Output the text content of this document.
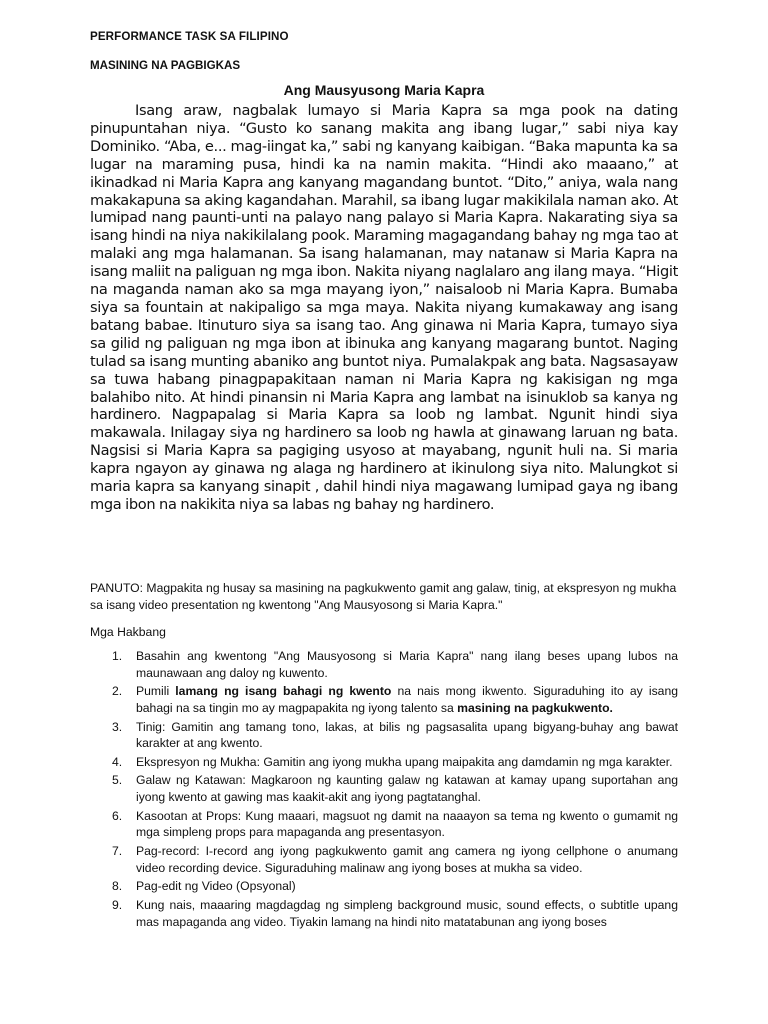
PERFORMANCE TASK SA FILIPINO
MASINING NA PAGBIGKAS
Ang Mausyusong Maria Kapra
Isang araw, nagbalak lumayo si Maria Kapra sa mga pook na dating pinupuntahan niya. “Gusto ko sanang makita ang ibang lugar,” sabi niya kay Dominiko. “Aba, e... mag-iingat ka,” sabi ng kanyang kaibigan. “Baka mapunta ka sa lugar na maraming pusa, hindi ka na namin makita. “Hindi ako maaano,” at ikinadkad ni Maria Kapra ang kanyang magandang buntot. “Dito,” aniya, wala nang makakapuna sa aking kagandahan. Marahil, sa ibang lugar makikilala naman ako. At lumipad nang paunti-unti na palayo nang palayo si Maria Kapra. Nakarating siya sa isang hindi na niya nakikilalang pook. Maraming magagandang bahay ng mga tao at malaki ang mga halamanan. Sa isang halamanan, may natanaw si Maria Kapra na isang maliit na paliguan ng mga ibon. Nakita niyang naglalaro ang ilang maya. “Higit na maganda naman ako sa mga mayang iyon,” naisaloob ni Maria Kapra. Bumaba siya sa fountain at nakipaligo sa mga maya. Nakita niyang kumakaway ang isang batang babae. Itinuturo siya sa isang tao. Ang ginawa ni Maria Kapra, tumayo siya sa gilid ng paliguan ng mga ibon at ibinuka ang kanyang magarang buntot. Naging tulad sa isang munting abaniko ang buntot niya. Pumalakpak ang bata. Nagsasayaw sa tuwa habang pinagpapakitaan naman ni Maria Kapra ng kakisigan ng mga balahibo nito. At hindi pinansin ni Maria Kapra ang lambat na isinuklob sa kanya ng hardinero. Nagpapalag si Maria Kapra sa loob ng lambat. Ngunit hindi siya makawala. Inilagay siya ng hardinero sa loob ng hawla at ginawang laruan ng bata. Nagsisi si Maria Kapra sa pagiging usyoso at mayabang, ngunit huli na. Si maria kapra ngayon ay ginawa ng alaga ng hardinero at ikinulong siya nito. Malungkot si maria kapra sa kanyang sinapit , dahil hindi niya magawang lumipad gaya ng ibang mga ibon na nakikita niya sa labas ng bahay ng hardinero.
PANUTO: Magpakita ng husay sa masining na pagkukwento gamit ang galaw, tinig, at ekspresyon ng mukha sa isang video presentation ng kwentong "Ang Mausyosong si Maria Kapra."
Mga Hakbang
1. Basahin ang kwentong "Ang Mausyosong si Maria Kapra" nang ilang beses upang lubos na maunawaan ang daloy ng kuwento.
2. Pumili lamang ng isang bahagi ng kwento na nais mong ikwento. Siguraduhing ito ay isang bahagi na sa tingin mo ay magpapakita ng iyong talento sa masining na pagkukwento.
3. Tinig: Gamitin ang tamang tono, lakas, at bilis ng pagsasalita upang bigyang-buhay ang bawat karakter at ang kwento.
4. Ekspresyon ng Mukha: Gamitin ang iyong mukha upang maipakita ang damdamin ng mga karakter.
5. Galaw ng Katawan: Magkaroon ng kaunting galaw ng katawan at kamay upang suportahan ang iyong kwento at gawing mas kaakit-akit ang iyong pagtatanghal.
6. Kasootan at Props: Kung maaari, magsuot ng damit na naaayon sa tema ng kwento o gumamit ng mga simpleng props para mapaganda ang presentasyon.
7. Pag-record: I-record ang iyong pagkukwento gamit ang camera ng iyong cellphone o anumang video recording device. Siguraduhing malinaw ang iyong boses at mukha sa video.
8. Pag-edit ng Video (Opsyonal)
9. Kung nais, maaaring magdagdag ng simpleng background music, sound effects, o subtitle upang mas mapaganda ang video. Tiyakin lamang na hindi nito matatabunan ang iyong boses
